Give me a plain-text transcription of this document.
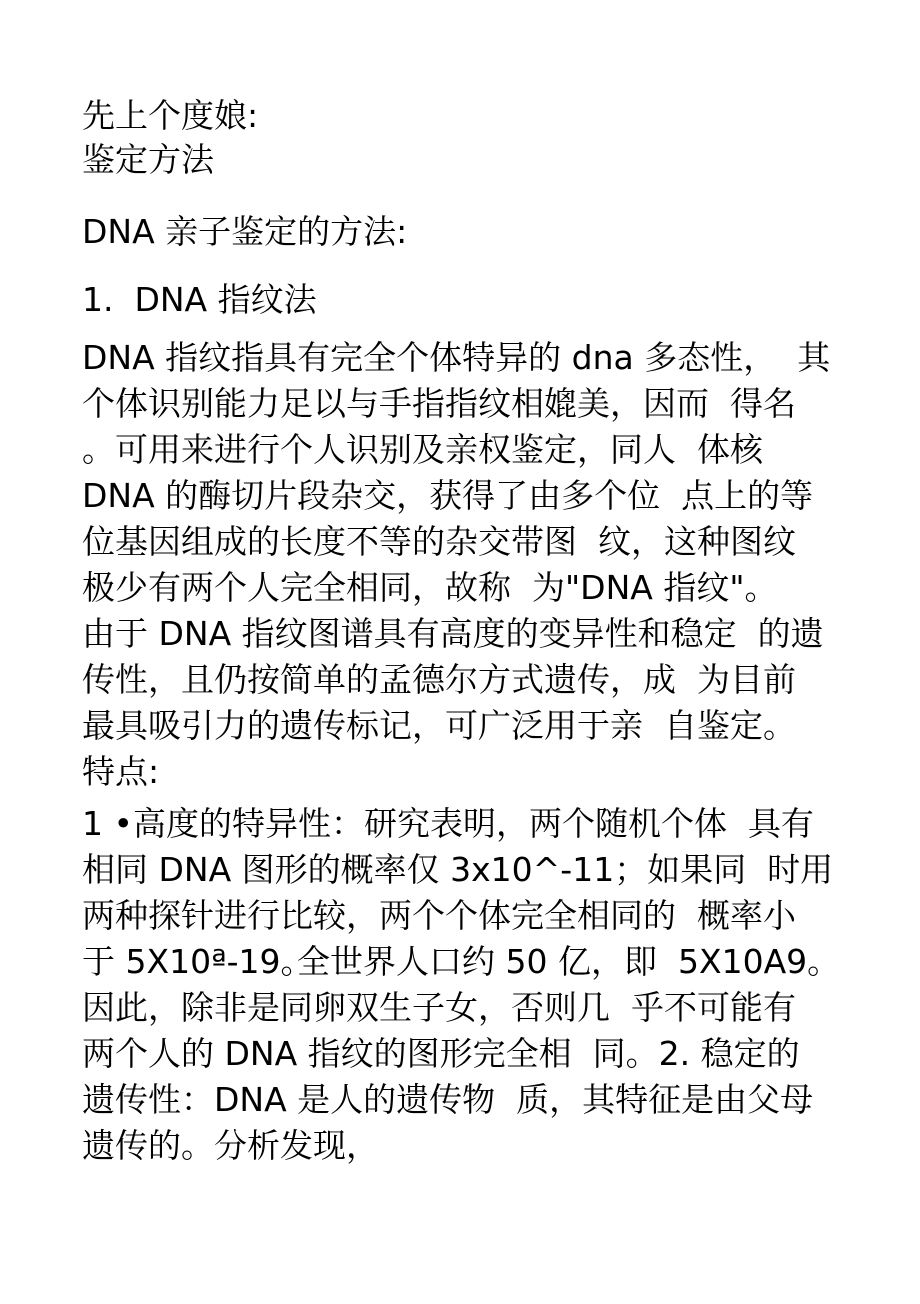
先上个度娘:

鉴定方法

DNA 亲子鉴定的方法:

1.  DNA 指纹法

DNA 指纹指具有完全个体特异的 dna 多态性，  其

个体识别能力足以与手指指纹相媲美，因而  得名

。可用来进行个人识别及亲权鉴定，同人  体核

DNA 的酶切片段杂交，获得了由多个位  点上的等

位基因组成的长度不等的杂交带图  纹，这种图纹

极少有两个人完全相同，故称  为"DNA 指纹"。

由于 DNA 指纹图谱具有高度的变异性和稳定  的遗

传性，且仍按简单的孟德尔方式遗传，成  为目前

最具吸引力的遗传标记，可广泛用于亲  自鉴定。

特点:

1 •高度的特异性：研究表明，两个随机个体  具有

相同 DNA 图形的概率仅 3x10^-11；如果同  时用

两种探针进行比较，两个个体完全相同的  概率小

于 5X10ª-19｡全世界人口约 50 亿，即  5X10A9。

因此，除非是同卵双生子女，否则几  乎不可能有

两个人的 DNA 指纹的图形完全相  同。2. 稳定的

遗传性：DNA 是人的遗传物  质，其特征是由父母

遗传的。分析发现，
